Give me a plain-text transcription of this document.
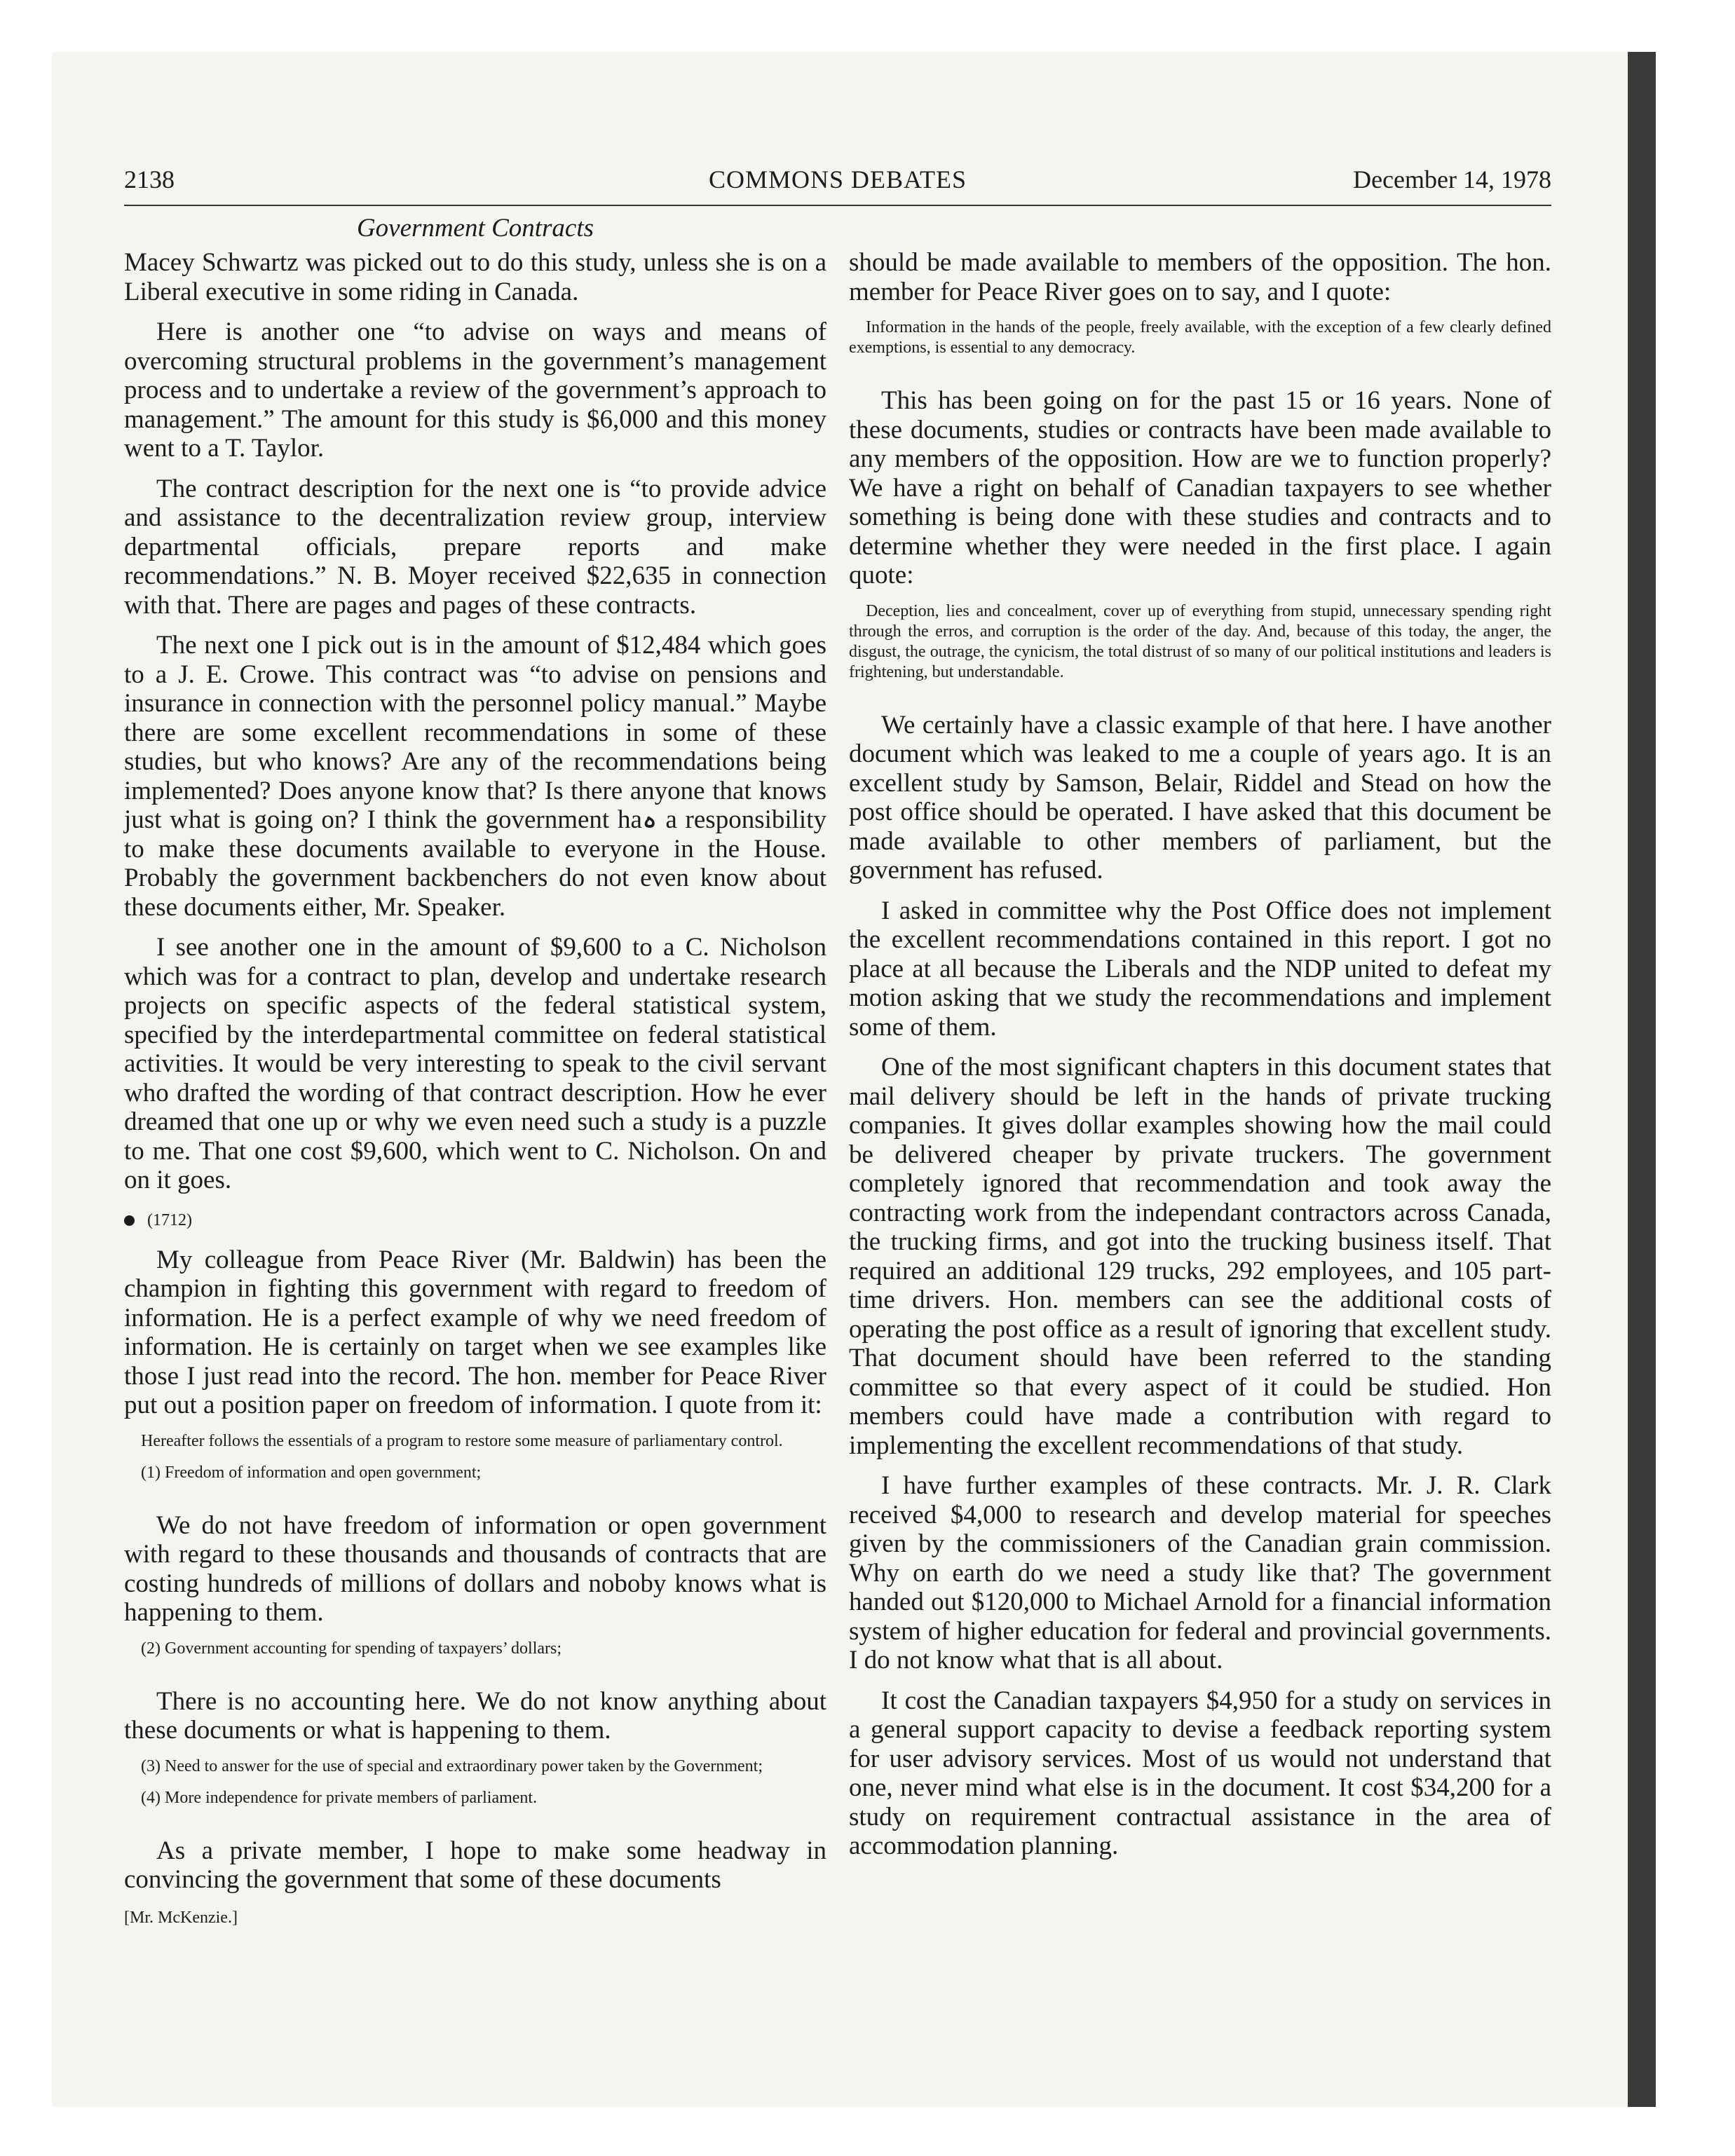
2138	COMMONS DEBATES	December 14, 1978
Government Contracts

Macey Schwartz was picked out to do this study, unless she is on a Liberal executive in some riding in Canada.

Here is another one “to advise on ways and means of overcoming structural problems in the government’s management process and to undertake a review of the government’s approach to management.” The amount for this study is $6,000 and this money went to a T. Taylor.

The contract description for the next one is “to provide advice and assistance to the decentralization review group, interview departmental officials, prepare reports and make recommendations.” N. B. Moyer received $22,635 in connection with that. There are pages and pages of these contracts.

The next one I pick out is in the amount of $12,484 which goes to a J. E. Crowe. This contract was “to advise on pensions and insurance in connection with the personnel policy manual.” Maybe there are some excellent recommendations in some of these studies, but who knows? Are any of the recommendations being implemented? Does anyone know that? Is there anyone that knows just what is going on? I think the government haہ a responsibility to make these documents available to everyone in the House. Probably the government backbenchers do not even know about these documents either, Mr. Speaker.

I see another one in the amount of $9,600 to a C. Nicholson which was for a contract to plan, develop and undertake research projects on specific aspects of the federal statistical system, specified by the interdepartmental committee on federal statistical activities. It would be very interesting to speak to the civil servant who drafted the wording of that contract description. How he ever dreamed that one up or why we even need such a study is a puzzle to me. That one cost $9,600, which went to C. Nicholson. On and on it goes.

(1712)

My colleague from Peace River (Mr. Baldwin) has been the champion in fighting this government with regard to freedom of information. He is a perfect example of why we need freedom of information. He is certainly on target when we see examples like those I just read into the record. The hon. member for Peace River put out a position paper on freedom of information. I quote from it:

Hereafter follows the essentials of a program to restore some measure of parliamentary control.
(1) Freedom of information and open government;

We do not have freedom of information or open government with regard to these thousands and thousands of contracts that are costing hundreds of millions of dollars and noboby knows what is happening to them.

(2) Government accounting for spending of taxpayers’ dollars;

There is no accounting here. We do not know anything about these documents or what is happening to them.

(3) Need to answer for the use of special and extraordinary power taken by the Government;
(4) More independence for private members of parliament.

As a private member, I hope to make some headway in convincing the government that some of these documents

[Mr. McKenzie.]

should be made available to members of the opposition. The hon. member for Peace River goes on to say, and I quote:

Information in the hands of the people, freely available, with the exception of a few clearly defined exemptions, is essential to any democracy.

This has been going on for the past 15 or 16 years. None of these documents, studies or contracts have been made available to any members of the opposition. How are we to function properly? We have a right on behalf of Canadian taxpayers to see whether something is being done with these studies and contracts and to determine whether they were needed in the first place. I again quote:

Deception, lies and concealment, cover up of everything from stupid, unnecessary spending right through the erros, and corruption is the order of the day. And, because of this today, the anger, the disgust, the outrage, the cynicism, the total distrust of so many of our political institutions and leaders is frightening, but understandable.

We certainly have a classic example of that here. I have another document which was leaked to me a couple of years ago. It is an excellent study by Samson, Belair, Riddel and Stead on how the post office should be operated. I have asked that this document be made available to other members of parliament, but the government has refused.

I asked in committee why the Post Office does not implement the excellent recommendations contained in this report. I got no place at all because the Liberals and the NDP united to defeat my motion asking that we study the recommendations and implement some of them.

One of the most significant chapters in this document states that mail delivery should be left in the hands of private trucking companies. It gives dollar examples showing how the mail could be delivered cheaper by private truckers. The government completely ignored that recommendation and took away the contracting work from the independant contractors across Canada, the trucking firms, and got into the trucking business itself. That required an additional 129 trucks, 292 employees, and 105 part-time drivers. Hon. members can see the additional costs of operating the post office as a result of ignoring that excellent study. That document should have been referred to the standing committee so that every aspect of it could be studied. Hon members could have made a contribution with regard to implementing the excellent recommendations of that study.

I have further examples of these contracts. Mr. J. R. Clark received $4,000 to research and develop material for speeches given by the commissioners of the Canadian grain commission. Why on earth do we need a study like that? The government handed out $120,000 to Michael Arnold for a financial information system of higher education for federal and provincial governments. I do not know what that is all about.

It cost the Canadian taxpayers $4,950 for a study on services in a general support capacity to devise a feedback reporting system for user advisory services. Most of us would not understand that one, never mind what else is in the document. It cost $34,200 for a study on requirement contractual assistance in the area of accommodation planning.
